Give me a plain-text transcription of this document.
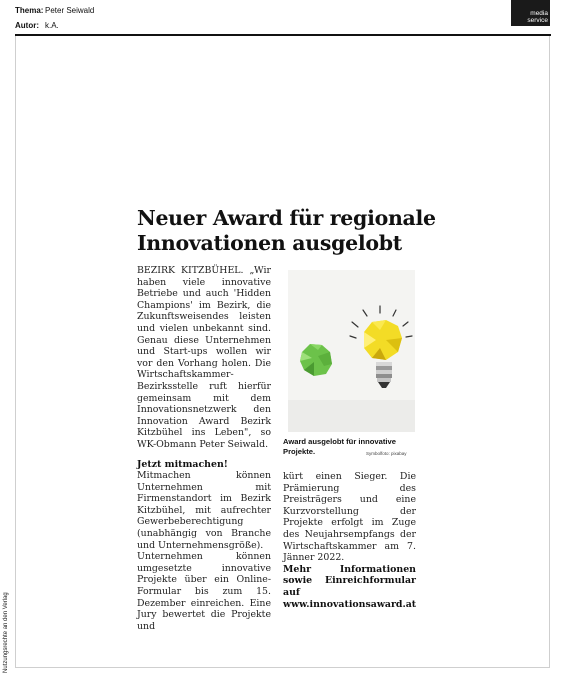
Thema: Peter Seiwald
Autor: k.A.
media
service
Nutzungsrechte an den Verlag
Neuer Award für regionale
Innovationen ausgelobt

BEZIRK KITZBÜHEL. „Wir haben viele innovative Betriebe und auch 'Hidden Champions' im Bezirk, die Zukunftsweisendes leisten und vielen unbekannt sind. Genau diese Unternehmen und Start-ups wollen wir vor den Vorhang holen. Die Wirtschaftskammer-Bezirksstelle ruft hierfür gemeinsam mit dem Innovationsnetzwerk den Innovation Award Bezirk Kitzbühel ins Leben", so WK-Obmann Peter Seiwald.

Jetzt mitmachen!

Mitmachen können Unternehmen mit Firmenstandort im Bezirk Kitzbühel, mit aufrechter Gewerbeberechtigung (unabhängig von Branche und Unternehmensgröße).

Unternehmen können umgesetzte innovative Projekte über ein Online-Formular bis zum 15. Dezember einreichen. Eine Jury bewertet die Projekte und

Award ausgelobt für innovative Projekte.	Symbolfoto: pixabay

kürt einen Sieger. Die Prämierung des Preisträgers und eine Kurzvorstellung der Projekte erfolgt im Zuge des Neujahrsempfangs der Wirtschaftskammer am 7. Jänner 2022.

Mehr Informationen sowie Einreichformular auf www.innovationsaward.at
